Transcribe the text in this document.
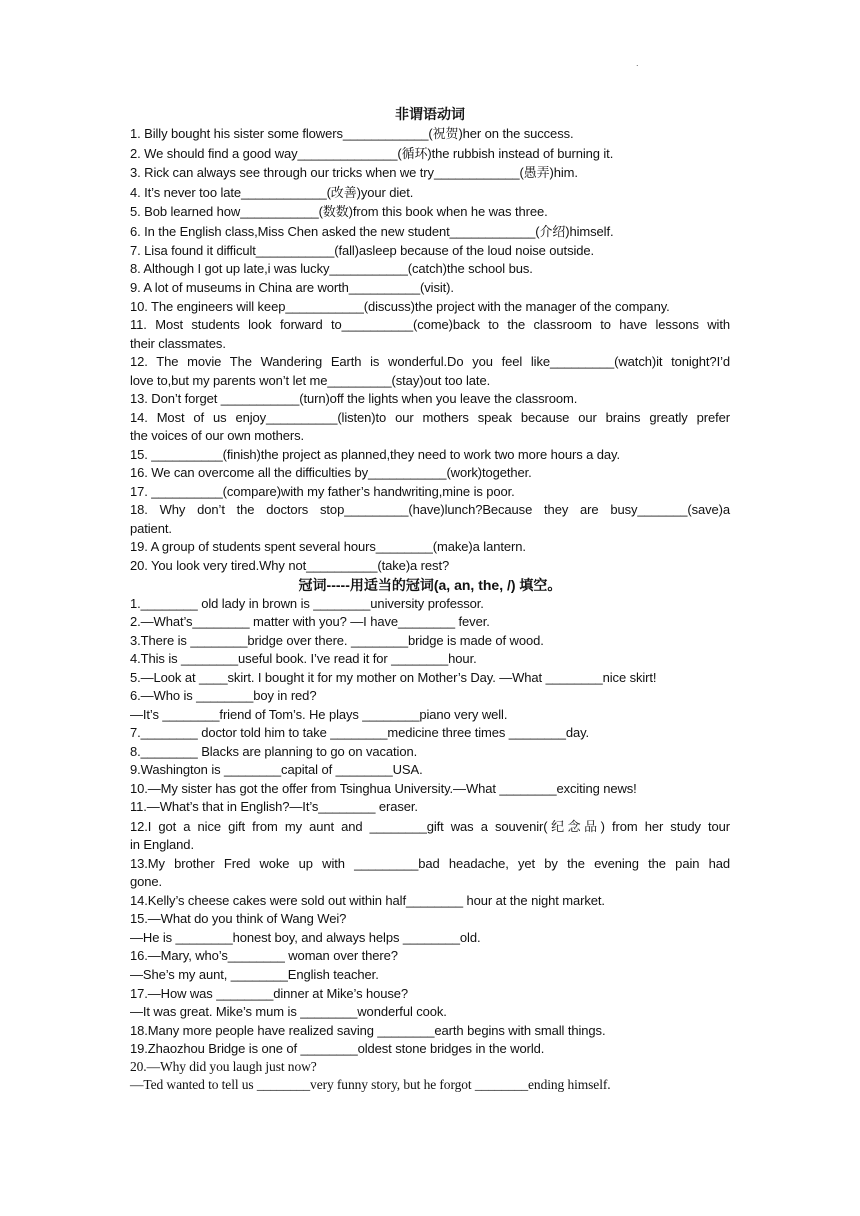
.
非谓语动词
1. Billy bought his sister some flowers____________(祝贺)her on the success.
2. We should find a good way______________(循环)the rubbish instead of burning it.
3. Rick can always see through our tricks when we try____________(愚弄)him.
4. It’s never too late____________(改善)your diet.
5. Bob learned how___________(数数)from this book when he was three.
6. In the English class,Miss Chen asked the new student____________(介绍)himself.
7. Lisa found it difficult___________(fall)asleep because of the loud noise outside.
8. Although I got up late,i was lucky___________(catch)the school bus.
9. A lot of museums in China are worth__________(visit).
10. The engineers will keep___________(discuss)the project with the manager of the company.
11. Most students look forward to__________(come)back to the classroom to have lessons with
their classmates.
12. The movie The Wandering Earth is wonderful.Do you feel like_________(watch)it tonight?I’d
love to,but my parents won’t let me_________(stay)out too late.
13. Don’t forget ___________(turn)off the lights when you leave the classroom.
14. Most of us enjoy__________(listen)to our mothers speak because our brains greatly prefer
the voices of our own mothers.
15. __________(finish)the project as planned,they need to work two more hours a day.
16. We can overcome all the difficulties by___________(work)together.
17. __________(compare)with my father’s handwriting,mine is poor.
18. Why don’t the doctors stop_________(have)lunch?Because they are busy_______(save)a
patient.
19. A group of students spent several hours________(make)a lantern.
20. You look very tired.Why not__________(take)a rest?
冠词-----用适当的冠词(a, an, the, /) 填空。
1.________ old lady in brown is ________university professor.
2.—What’s________ matter with you? —I have________ fever.
3.There is ________bridge over there. ________bridge is made of wood.
4.This is ________useful book. I’ve read it for ________hour.
5.—Look at ____skirt. I bought it for my mother on Mother’s Day. —What ________nice skirt!
6.—Who is ________boy in red?
—It’s ________friend of Tom’s. He plays ________piano very well.
7.________ doctor told him to take ________medicine three times ________day.
8.________ Blacks are planning to go on vacation.
9.Washington is ________capital of ________USA.
10.—My sister has got the offer from Tsinghua University.—What ________exciting news!
11.—What’s that in English?—It’s________ eraser.
12.I got a nice gift from my aunt and ________gift was a souvenir(纪念品) from her study tour
in England.
13.My brother Fred woke up with _________bad headache, yet by the evening the pain had
gone.
14.Kelly’s cheese cakes were sold out within half________ hour at the night market.
15.—What do you think of Wang Wei?
—He is ________honest boy, and always helps ________old.
16.—Mary, who’s________ woman over there?
—She’s my aunt, ________English teacher.
17.—How was ________dinner at Mike’s house?
—It was great. Mike’s mum is ________wonderful cook.
18.Many more people have realized saving ________earth begins with small things.
19.Zhaozhou Bridge is one of ________oldest stone bridges in the world.
20.—Why did you laugh just now?
—Ted wanted to tell us ________very funny story, but he forgot ________ending himself.
